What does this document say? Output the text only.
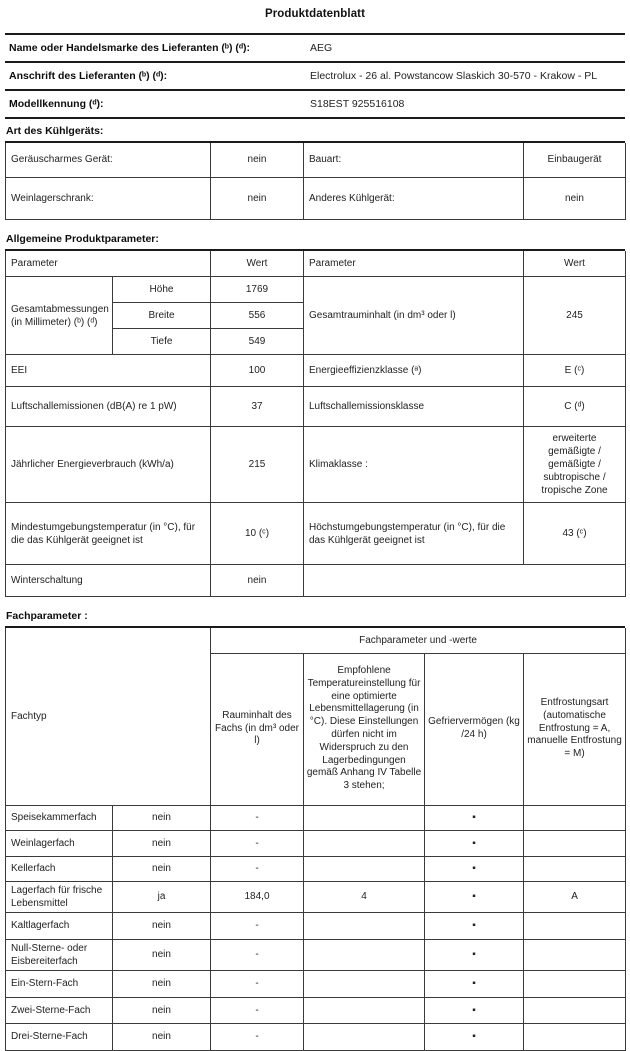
Produktdatenblatt
Name oder Handelsmarke des Lieferanten (ᵇ) (ᵈ):	AEG
Anschrift des Lieferanten (ᵇ) (ᵈ):	Electrolux - 26 al. Powstancow Slaskich 30-570 - Krakow - PL
Modellkennung (ᵈ):	S18EST 925516108
Art des Kühlgeräts:
Geräuscharmes Gerät:	nein	Bauart:	Einbaugerät
Weinlagerschrank:	nein	Anderes Kühlgerät:	nein
Allgemeine Produktparameter:
Parameter		Wert	Parameter	Wert
Gesamtabmessungen (in Millimeter) (ᵇ) (ᵈ)	Höhe	1769	Gesamtrauminhalt (in dm³ oder l)	245
	Breite	556		
	Tiefe	549		
EEI		100	Energieeffizienzklasse (ᵃ)	E (ᶜ)
Luftschallemissionen (dB(A) re 1 pW)		37	Luftschallemissionsklasse	C (ᵈ)
Jährlicher Energieverbrauch (kWh/a)		215	Klimaklasse :	erweiterte gemäßigte / gemäßigte / subtropische / tropische Zone
Mindestumgebungstemperatur (in °C), für die das Kühlgerät geeignet ist		10 (ᶜ)	Höchstumgebungstemperatur (in °C), für die das Kühlgerät geeignet ist	43 (ᶜ)
Winterschaltung		nein		
Fachparameter :
Fachtyp		Fachparameter und -werte			
		Rauminhalt des Fachs (in dm³ oder l)	Empfohlene Temperatureinstellung für eine optimierte Lebensmittellagerung (in °C). Diese Einstellungen dürfen nicht im Widerspruch zu den Lagerbedingungen gemäß Anhang IV Tabelle 3 stehen;	Gefriervermögen (kg /24 h)	Entfrostungsart (automatische Entfrostung = A, manuelle Entfrostung = M)
Speisekammerfach	nein	-		▪	
Weinlagerfach	nein	-		▪	
Kellerfach	nein	-		▪	
Lagerfach für frische Lebensmittel	ja	184,0	4	▪	A
Kaltlagerfach	nein	-		▪	
Null-Sterne- oder Eisbereiterfach	nein	-		▪	
Ein-Stern-Fach	nein	-		▪	
Zwei-Sterne-Fach	nein	-		▪	
Drei-Sterne-Fach	nein	-		▪	
